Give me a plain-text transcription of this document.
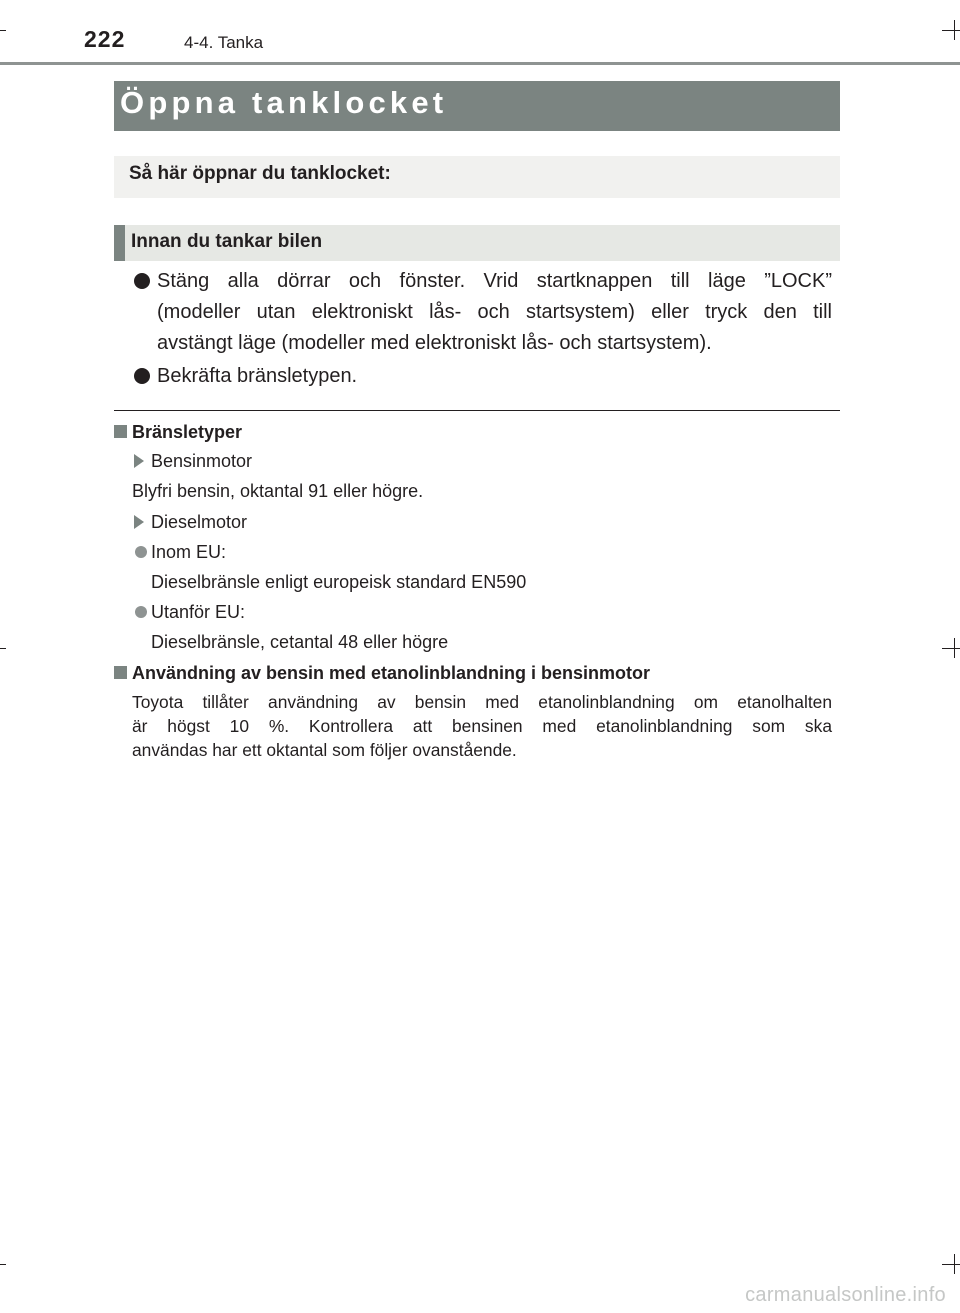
222	4-4. Tanka
Öppna tanklocket
Så här öppnar du tanklocket:
Innan du tankar bilen
Stäng alla dörrar och fönster. Vrid startknappen till läge ”LOCK”
(modeller utan elektroniskt lås- och startsystem) eller tryck den till
avstängt läge (modeller med elektroniskt lås- och startsystem).
Bekräfta bränsletypen.
Bränsletyper
Bensinmotor
Blyfri bensin, oktantal 91 eller högre.
Dieselmotor
Inom EU:
Dieselbränsle enligt europeisk standard EN590
Utanför EU:
Dieselbränsle, cetantal 48 eller högre
Användning av bensin med etanolinblandning i bensinmotor
Toyota tillåter användning av bensin med etanolinblandning om etanolhalten
är högst 10 %. Kontrollera att bensinen med etanolinblandning som ska
användas har ett oktantal som följer ovanstående.
carmanualsonline.info
